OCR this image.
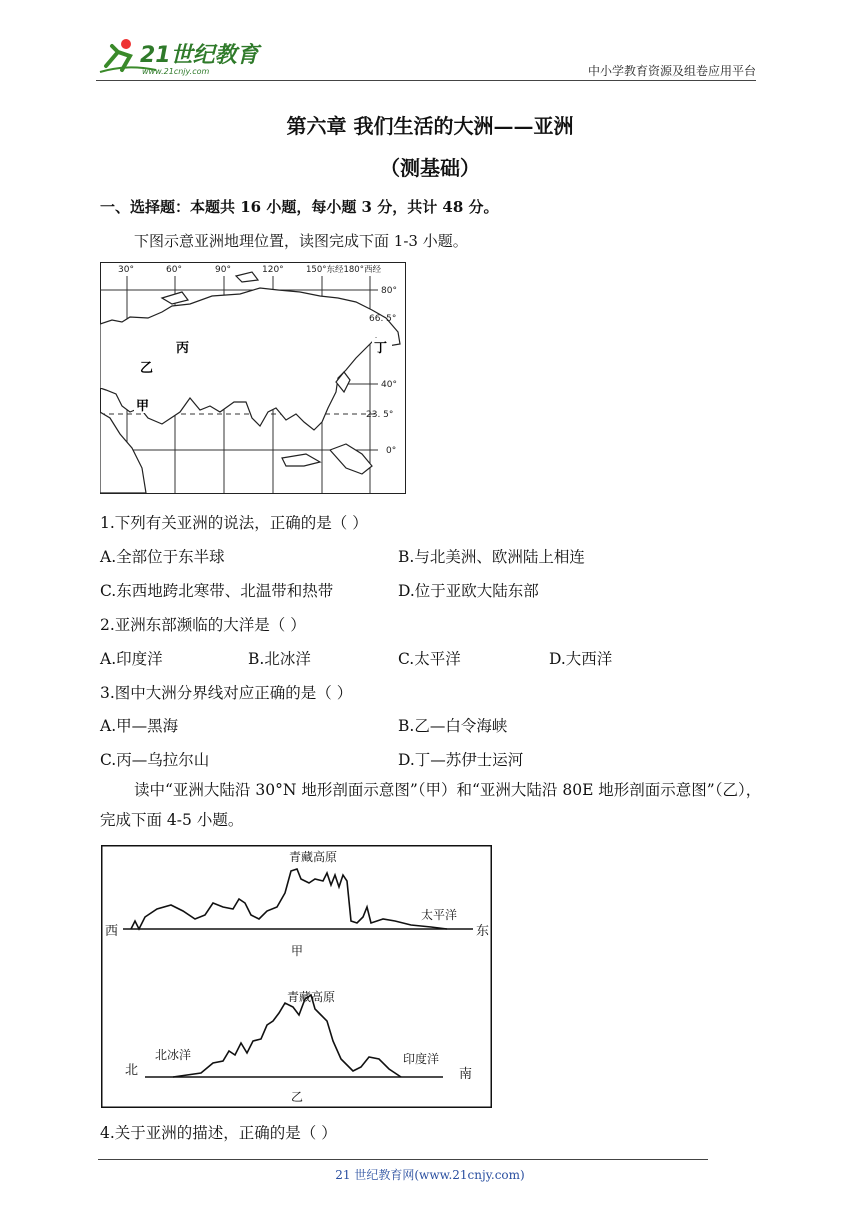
21世纪教育
www.21cnjy.com	中小学教育资源及组卷应用平台
第六章 我们生活的大洲——亚洲
（测基础）
一、选择题：本题共 16 小题，每小题 3 分，共计 48 分。
下图示意亚洲地理位置，读图完成下面 1-3 小题。
30°	60°	90°	120°	150°东经180°西经
80°
66. 5°
40°
23. 5°
0°
丙
乙
甲
丁
1.下列有关亚洲的说法，正确的是（ ）
A.全部位于东半球	B.与北美洲、欧洲陆上相连
C.东西地跨北寒带、北温带和热带	D.位于亚欧大陆东部
2.亚洲东部濒临的大洋是（ ）
A.印度洋	B.北冰洋	C.太平洋	D.大西洋
3.图中大洲分界线对应正确的是（ ）
A.甲—黑海	B.乙—白令海峡
C.丙—乌拉尔山	D.丁—苏伊士运河
读中“亚洲大陆沿 30°N 地形剖面示意图”（甲）和“亚洲大陆沿 80E 地形剖面示意图”（乙），完成下面 4-5 小题。
青藏高原
西	东
太平洋
甲
青藏高原
北	南
北冰洋	印度洋
乙
4.关于亚洲的描述，正确的是（ ）
21 世纪教育网(www.21cnjy.com)
